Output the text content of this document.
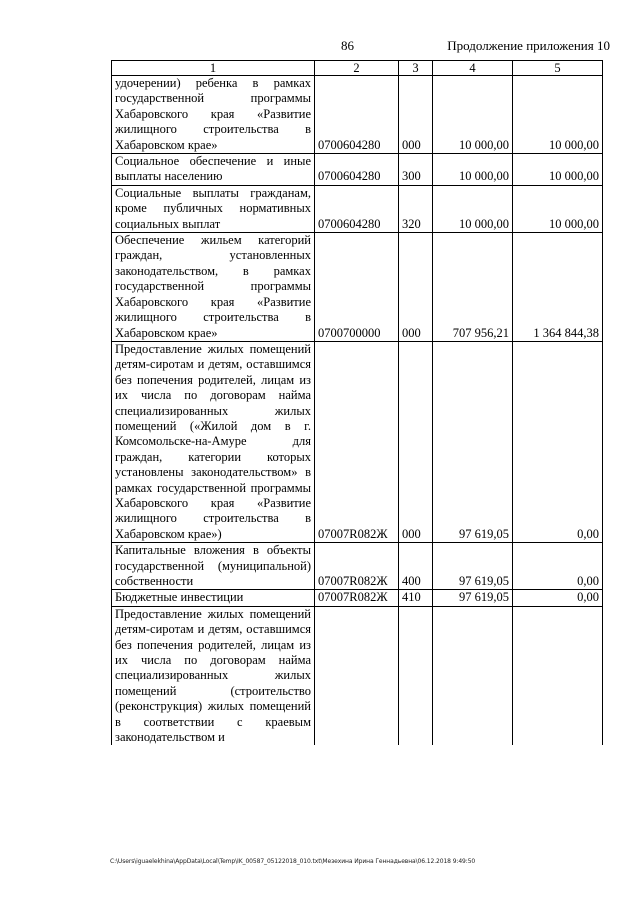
86	Продолжение приложения 10
1	2	3	4	5
удочерении) ребенка в рамках государственной программы Хабаровского края «Развитие жилищного строительства в Хабаровском крае»	0700604280	000	10 000,00	10 000,00
Социальное обеспечение и иные выплаты населению	0700604280	300	10 000,00	10 000,00
Социальные выплаты гражданам, кроме публичных нормативных социальных выплат	0700604280	320	10 000,00	10 000,00
Обеспечение жильем категорий граждан, установленных законодательством, в рамках государственной программы Хабаровского края «Развитие жилищного строительства в Хабаровском крае»	0700700000	000	707 956,21	1 364 844,38
Предоставление жилых помещений детям-сиротам и детям, оставшимся без попечения родителей, лицам из их числа по договорам найма специализированных жилых помещений («Жилой дом в г. Комсомольске-на-Амуре для граждан, категории которых установлены законодательством» в рамках государственной программы Хабаровского края «Развитие жилищного строительства в Хабаровском крае»)	07007R082Ж	000	97 619,05	0,00
Капитальные вложения в объекты государственной (муниципальной) собственности	07007R082Ж	400	97 619,05	0,00
Бюджетные инвестиции	07007R082Ж	410	97 619,05	0,00
Предоставление жилых помещений детям-сиротам и детям, оставшимся без попечения родителей, лицам из их числа по договорам найма специализированных жилых помещений (строительство (реконструкция) жилых помещений в соответствии с краевым законодательством и				
C:\Users\iguaelekhina\AppData\Local\Temp\IK_00587_05122018_010.txt\Мезехина Ирина Геннадьевна\06.12.2018 9:49:50
